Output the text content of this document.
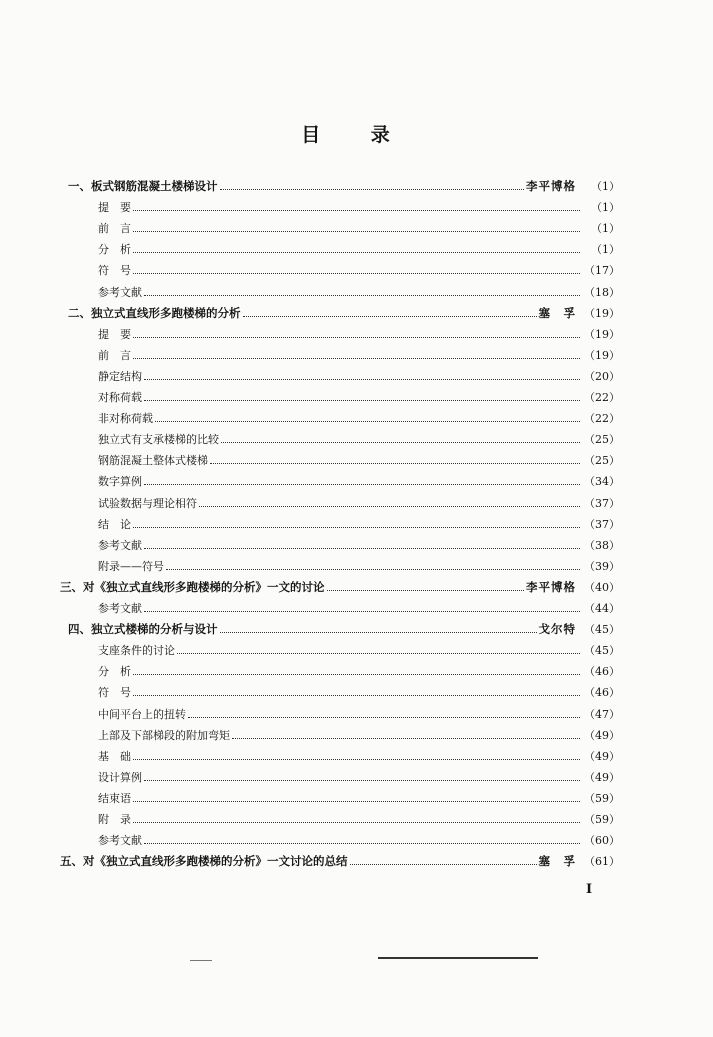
目 录
一、板式钢筋混凝土楼梯设计	李平博格	（1）
提　要	（1）
前　言	（1）
分　析	（1）
符　号	（17）
参考文献	（18）
二、独立式直线形多跑楼梯的分析	塞　孚 （19）
提　要	（19）
前　言	（19）
静定结构	（20）
对称荷载	（22）
非对称荷载	（22）
独立式有支承楼梯的比较	（25）
钢筋混凝土整体式楼梯	（25）
数字算例	（34）
试验数据与理论相符	（37）
结　论	（37）
参考文献	（38）
附录——符号	（39）
三、对《独立式直线形多跑楼梯的分析》一文的讨论	李平博格 （40）
参考文献	（44）
四、独立式楼梯的分析与设计	戈尔特 （45）
支座条件的讨论	（45）
分　析	（46）
符　号	（46）
中间平台上的扭转	（47）
上部及下部梯段的附加弯矩	（49）
基　础	（49）
设计算例	（49）
结束语	（59）
附　录	（59）
参考文献	（60）
五、对《独立式直线形多跑楼梯的分析》一文讨论的总结	塞　孚 （61）
I
